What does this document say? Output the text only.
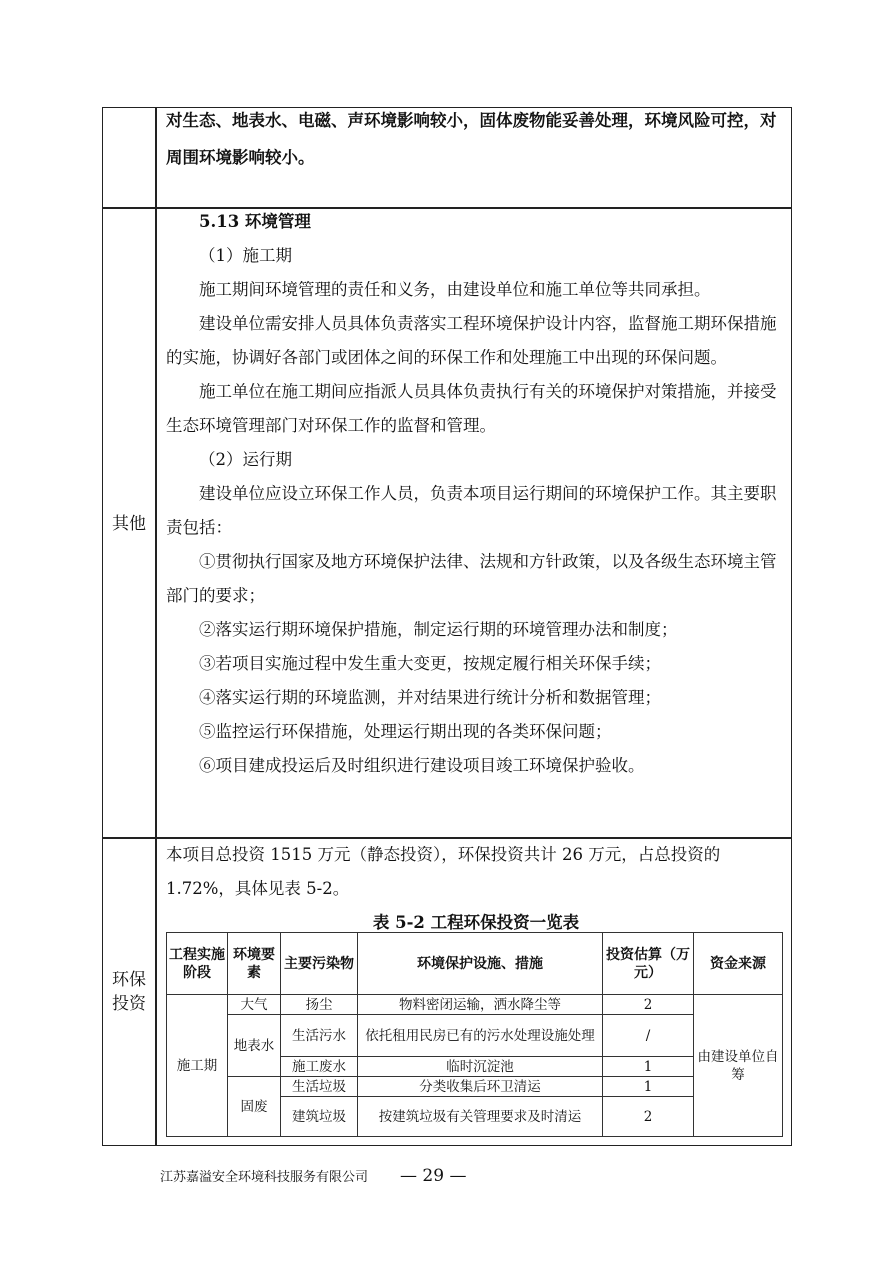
对生态、地表水、电磁、声环境影响较小，固体废物能妥善处理，环境风险可控，对周围环境影响较小。
其他

5.13 环境管理

（1）施工期

施工期间环境管理的责任和义务，由建设单位和施工单位等共同承担。

建设单位需安排人员具体负责落实工程环境保护设计内容，监督施工期环保措施的实施，协调好各部门或团体之间的环保工作和处理施工中出现的环保问题。

施工单位在施工期间应指派人员具体负责执行有关的环境保护对策措施，并接受生态环境管理部门对环保工作的监督和管理。

（2）运行期

建设单位应设立环保工作人员，负责本项目运行期间的环境保护工作。其主要职责包括：

①贯彻执行国家及地方环境保护法律、法规和方针政策，以及各级生态环境主管部门的要求；

②落实运行期环境保护措施，制定运行期的环境管理办法和制度；

③若项目实施过程中发生重大变更，按规定履行相关环保手续；

④落实运行期的环境监测，并对结果进行统计分析和数据管理；

⑤监控运行环保措施，处理运行期出现的各类环保问题；

⑥项目建成投运后及时组织进行建设项目竣工环境保护验收。

环保投资
本项目总投资 1515 万元（静态投资），环保投资共计 26 万元，占总投资的 1.72%，具体见表 5-2。
表 5-2 工程环保投资一览表
工程实施阶段	环境要素	主要污染物	环境保护设施、措施	投资估算（万元）	资金来源
施工期	大气	扬尘	物料密闭运输，洒水降尘等	2	由建设单位自筹
	地表水	生活污水	依托租用民房已有的污水处理设施处理	/	
		施工废水	临时沉淀池	1	
	固废	生活垃圾	分类收集后环卫清运	1	
		建筑垃圾	按建筑垃圾有关管理要求及时清运	2	
江苏嘉溢安全环境科技服务有限公司 — 29 —
